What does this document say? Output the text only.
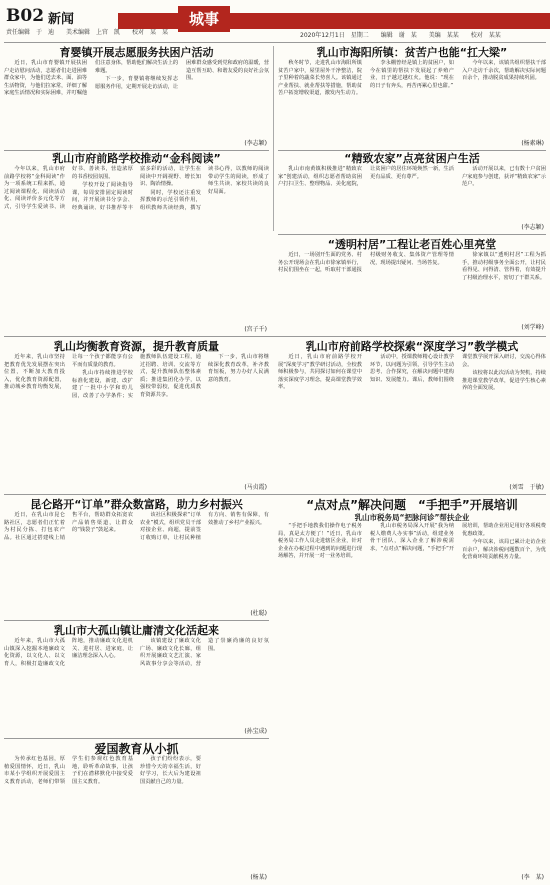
B02 新闻
责任编辑　于　迪　　美术编辑　上官　凯　　校对　某　某
城事
2020年12月1日　星期二　　编辑　谢　某　　美编　某某　　校对　某某
育婴镇开展志愿服务扶困户活动

近日，乳山市育婴镇开展扶困户走访慰问活动，志愿者们走进困难群众家中，为他们送去米、面、油等生活物资，与他们拉家常，详细了解家庭生活情况和实际困难，并叮嘱他们注意身体，帮助他们解决生活上的难题。

下一步，育婴镇将继续发挥志愿服务作用，定期开展走访活动，让困难群众感受到党和政府的温暖，营造互帮互助、和谐友爱的良好社会氛围。

(李志颖)
乳山市海阳所镇：贫苦户也能“扛大梁”

秋冬时节，走进乳山市海阳所镇贫苦户家中，屋里屋外干净整洁，院子里种着的蔬菜长势喜人。该镇通过产业帮扶、就业帮扶等措施，帮助贫苦户拓宽增收渠道，激发内生动力。

李永棚曾经是镇上的贫困户，如今在镇里的帮扶下发展起了养殖产业，日子越过越红火。他说：“现在的日子有奔头，再苦再累心里也甜。”

今年以来，该镇共组织帮扶干部入户走访千余次，帮助解决实际问题百余个，推动脱贫成果持续巩固。

(杨素琳)
“精致农家”点亮贫困户生活

乳山市南黄镇积极推进“精致农家”创建活动，组织志愿者帮助贫困户打扫卫生、整理物品、美化庭院，让贫困户的居住环境焕然一新，生活更有品质、更有尊严。

活动开展以来，已有数十户贫困户家庭参与创建，获评“精致农家”示范户。

(李志颖)
乳山市府前路学校推动“金科阅读”

今年以来，乳山市府前路学校将“金科阅读”作为一项系统工程来抓，通过阅读课程化、阅读活动化、阅读评价多元化等方式，引导学生爱读书、读好书、善读书，营造浓厚的书香校园氛围。

学校开设了阅读指导课，每周安排固定阅读时间，并开展读书分享会、经典诵读、好书推荐等丰富多彩的活动，让学生在阅读中开阔视野、增长知识、陶冶情操。

同时，学校还注重发挥教师的示范引领作用，组织教师共读经典，撰写读书心得，以教师的阅读带动学生的阅读，形成了师生共读、家校共读的良好局面。

(宫子千)
“透明村居”工程让老百姓心里亮堂

近日，一场别开生面的党务、村务公开现场会在乳山市徐家镇举行，村民们围坐在一起，听取村干部通报村级财务收支、集体资产管理等情况，现场提出疑问、当场答复。

徐家镇以“透明村居”工程为抓手，推动村级事务全面公开，让村民看得见、问得清、管得着，有效提升了村级治理水平，密切了干群关系。

(刘学峰)
乳山均衡教育资源，提升教育质量

近年来，乳山市坚持把教育优先发展摆在突出位置，不断加大教育投入，优化教育资源配置，推动城乡教育均衡发展，让每一个孩子都能享有公平而有质量的教育。

乳山市持续推进学校标准化建设，新建、改扩建了一批中小学和幼儿园，改善了办学条件；实施教师队伍建设工程，通过招聘、培训、交流等方式，提升教师队伍整体素质；推进集团化办学，以强校带弱校，促进优质教育资源共享。

下一步，乳山市将继续深化教育改革，补齐教育短板，努力办好人民满意的教育。

(马贞霞)
乳山市府前路学校探索“深度学习”教学模式

近日，乳山市府前路学校开展“深度学习”教学研讨活动，全校教师积极参与，共同探讨如何在课堂中落实深度学习理念，提高课堂教学效率。

活动中，授课教师精心设计教学环节，以问题为引领，引导学生主动思考、合作探究，在解决问题中建构知识、发展能力。课后，教师们围绕课堂教学展开深入研讨，交流心得体会。

该校将以此次活动为契机，持续推进课堂教学改革，促进学生核心素养的全面发展。

(刘雪　于敏)
昆仑路开“订单”群众数富路，助力乡村振兴

近日，在乳山市昆仑路社区，志愿者们正忙着为村民分拣、打包农产品。社区通过搭建线上销售平台，帮助群众拓宽农产品销售渠道，让群众的“钱袋子”鼓起来。

该社区积极探索“订单农业”模式，组织党员干部对接企业、商超，提前签订收购订单，让村民种植有方向、销售有保障，有效推动了乡村产业振兴。

(杜聪)
“点对点”解决问题　“手把手”开展培训
乳山市税务局“把脉问诊”帮扶企业

“手把手地教我们操作电子税务局，真是太方便了！”近日，乳山市税务局工作人员走进辖区企业，针对企业在办税过程中遇到的问题进行现场解答，并开展一对一业务培训。

乳山市税务局深入开展“我为纳税人缴费人办实事”活动，组建业务骨干团队，深入企业了解涉税需求，“点对点”解决问题，“手把手”开展培训，帮助企业用足用好各项税费优惠政策。

今年以来，该局已累计走访企业百余户，解决涉税问题数百个，为优化营商环境贡献税务力量。

(李　某)
乳山市大孤山镇让庸清文化活起来

近年来，乳山市大孤山镇深入挖掘本地廉政文化资源，以文化人、以文育人，积极打造廉政文化阵地，推动廉政文化进机关、进村居、进家庭，让廉洁理念深入人心。

该镇建设了廉政文化广场、廉政文化长廊，组织开展廉政文艺汇演、家风故事分享会等活动，营造了崇廉尚廉的良好氛围。

(孙宝成)
爱国教育从小抓

为传承红色基因，厚植爱国情怀，近日，乳山市某小学组织开展爱国主义教育活动，老师们带领学生们参观红色教育基地，聆听革命故事，让孩子们在潜移默化中接受爱国主义教育。

孩子们纷纷表示，要珍惜今天的幸福生活，好好学习，长大后为建设祖国贡献自己的力量。

(杨某)
